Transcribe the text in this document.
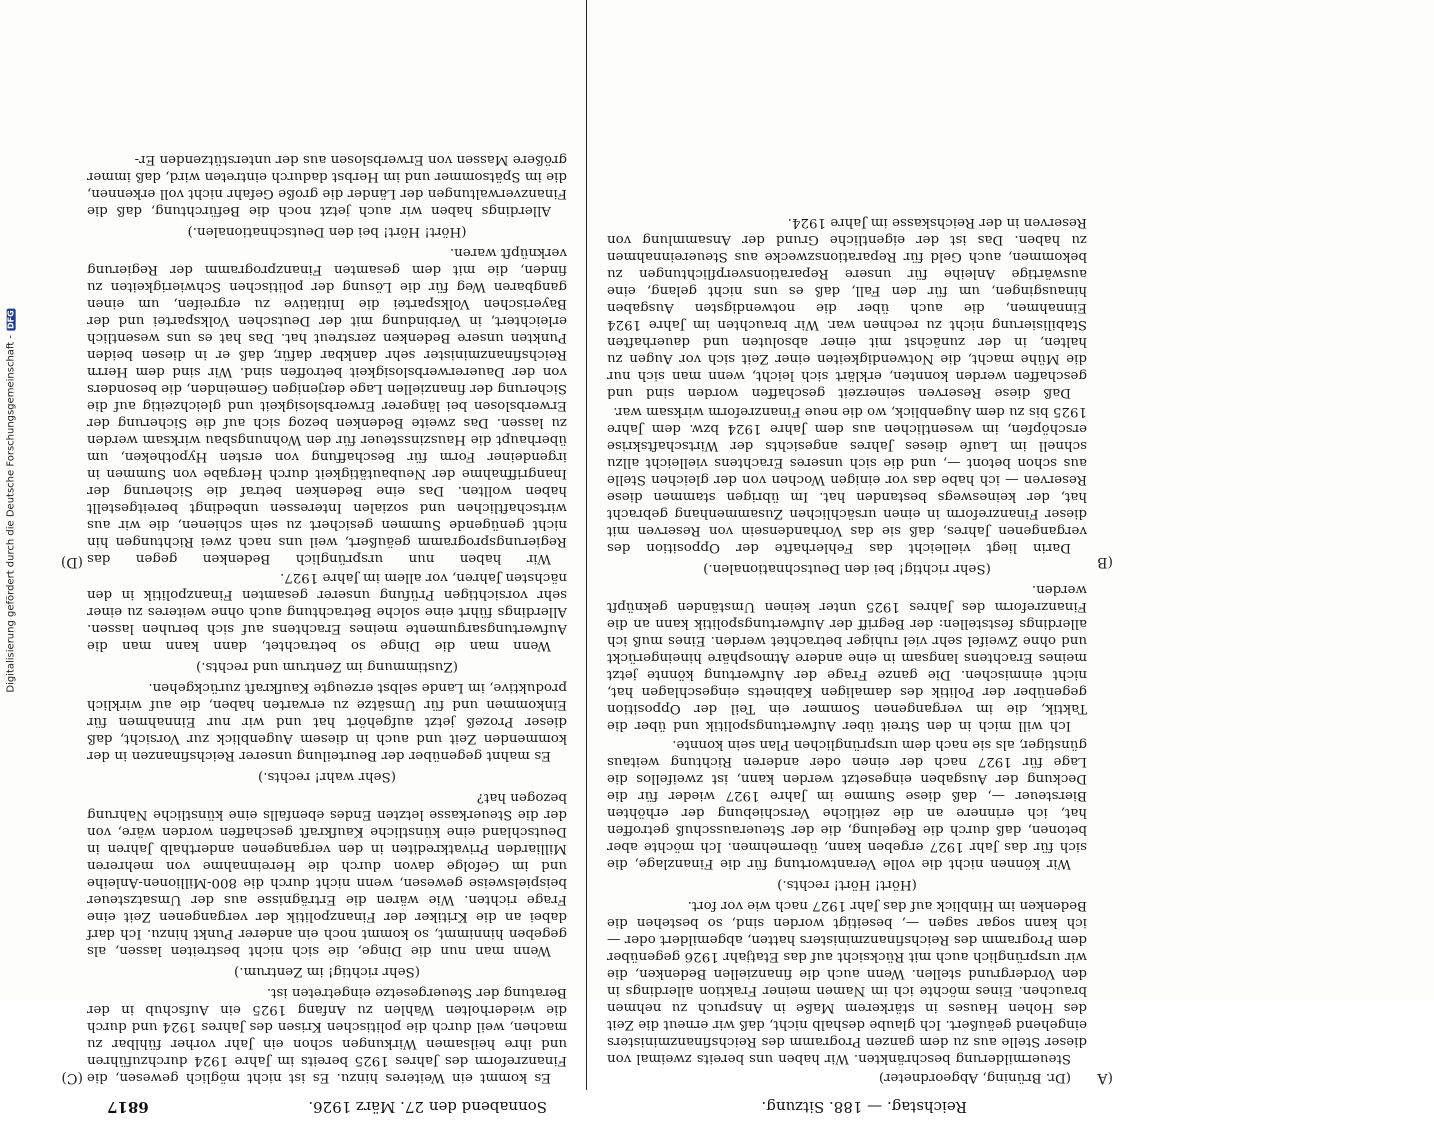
Digitalisierung gefördert durch die Deutsche Forschungsgemeinschaft -DFG
Reichstag. — 188. Sitzung.
Sonnabend den 27. März 1926.
6817
(A
(B
(C)
(D)

(Dr. Brüning, Abgeordneter)

Steuermilderung beschränkten. Wir haben uns bereits zweimal von dieser Stelle aus zu dem ganzen Programm des Reichsfinanzministers eingehend geäußert. Ich glaube deshalb nicht, daß wir erneut die Zeit des Hohen Hauses in stärkerem Maße in Anspruch zu nehmen brauchen. Eines möchte ich im Namen meiner Fraktion allerdings in den Vordergrund stellen. Wenn auch die finanziellen Bedenken, die wir ursprünglich auch mit Rücksicht auf das Etatjahr 1926 gegenüber dem Programm des Reichsfinanzministers hatten, abgemildert oder — ich kann sogar sagen —, beseitigt worden sind, so bestehen die Bedenken im Hinblick auf das Jahr 1927 nach wie vor fort.

(Hört! Hört! rechts.)

Wir können nicht die volle Verantwortung für die Finanzlage, die sich für das Jahr 1927 ergeben kann, übernehmen. Ich möchte aber betonen, daß durch die Regelung, die der Steuerausschuß getroffen hat, ich erinnere an die zeitliche Verschiebung der erhöhten Biersteuer —, daß diese Summe im Jahre 1927 wieder für die Deckung der Ausgaben eingesetzt werden kann, ist zweifellos die Lage für 1927 nach der einen oder anderen Richtung weitaus günstiger, als sie nach dem ursprünglichen Plan sein konnte.

Ich will mich in den Streit über Aufwertungspolitik und über die Taktik, die im vergangenen Sommer ein Teil der Opposition gegenüber der Politik des damaligen Kabinetts eingeschlagen hat, nicht einmischen. Die ganze Frage der Aufwertung könnte jetzt meines Erachtens langsam in eine andere Atmosphäre hineingerückt und ohne Zweifel sehr viel ruhiger betrachtet werden. Eines muß ich allerdings feststellen: der Begriff der Aufwertungspolitik kann an die Finanzreform des Jahres 1925 unter keinen Umständen geknüpft werden.

(Sehr richtig! bei den Deutschnationalen.)

Darin liegt vielleicht das Fehlerhafte der Opposition des vergangenen Jahres, daß sie das Vorhandensein von Reserven mit dieser Finanzreform in einen ursächlichen Zusammenhang gebracht hat, der keineswegs bestanden hat. Im übrigen stammen diese Reserven — ich habe das vor einigen Wochen von der gleichen Stelle aus schon betont —, und die sich unseres Erachtens vielleicht allzu schnell im Laufe dieses Jahres angesichts der Wirtschaftskrise erschöpfen, im wesentlichen aus dem Jahre 1924 bzw. dem Jahre 1925 bis zu dem Augenblick, wo die neue Finanzreform wirksam war.

Daß diese Reserven seinerzeit geschaffen worden sind und geschaffen werden konnten, erklärt sich leicht, wenn man sich nur die Mühe macht, die Notwendigkeiten einer Zeit sich vor Augen zu halten, in der zunächst mit einer absoluten und dauerhaften Stabilisierung nicht zu rechnen war. Wir brauchten im Jahre 1924 Einnahmen, die auch über die notwendigsten Ausgaben hinausgingen, um für den Fall, daß es uns nicht gelang, eine auswärtige Anleihe für unsere Reparationsverpflichtungen zu bekommen, auch Geld für Reparationszwecke aus Steuereinnahmen zu haben. Das ist der eigentliche Grund der Ansammlung von Reserven in der Reichskasse im Jahre 1924.

Es kommt ein Weiteres hinzu. Es ist nicht möglich gewesen, die Finanzreform des Jahres 1925 bereits im Jahre 1924 durchzuführen und ihre heilsamen Wirkungen schon ein Jahr vorher fühlbar zu machen, weil durch die politischen Krisen des Jahres 1924 und durch die wiederholten Wahlen zu Anfang 1925 ein Aufschub in der Beratung der Steuergesetze eingetreten ist.

(Sehr richtig! im Zentrum.)

Wenn man nun die Dinge, die sich nicht bestreiten lassen, als gegeben hinnimmt, so kommt noch ein anderer Punkt hinzu. Ich darf dabei an die Kritiker der Finanzpolitik der vergangenen Zeit eine Frage richten. Wie wären die Erträgnisse aus der Umsatzsteuer beispielsweise gewesen, wenn nicht durch die 800-Millionen-Anleihe und im Gefolge davon durch die Hereinnahme von mehreren Milliarden Privatkrediten in den vergangenen anderthalb Jahren in Deutschland eine künstliche Kaufkraft geschaffen worden wäre, von der die Steuerkasse letzten Endes ebenfalls eine künstliche Nahrung bezogen hat?

(Sehr wahr! rechts.)

Es mahnt gegenüber der Beurteilung unserer Reichsfinanzen in der kommenden Zeit und auch in diesem Augenblick zur Vorsicht, daß dieser Prozeß jetzt aufgehört hat und wir nur Einnahmen für Einkommen und für Umsätze zu erwarten haben, die auf wirklich produktive, im Lande selbst erzeugte Kaufkraft zurückgehen.

(Zustimmung im Zentrum und rechts.)

Wenn man die Dinge so betrachtet, dann kann man die Aufwertungsargumente meines Erachtens auf sich beruhen lassen. Allerdings führt eine solche Betrachtung auch ohne weiteres zu einer sehr vorsichtigen Prüfung unserer gesamten Finanzpolitik in den nächsten Jahren, vor allem im Jahre 1927.

Wir haben nun ursprünglich Bedenken gegen das Regierungsprogramm geäußert, weil uns nach zwei Richtungen hin nicht genügende Summen gesichert zu sein schienen, die wir aus wirtschaftlichen und sozialen Interessen unbedingt bereitgestellt haben wollten. Das eine Bedenken betraf die Sicherung der Inangriffnahme der Neubautätigkeit durch Hergabe von Summen in irgendeiner Form für Beschaffung von ersten Hypotheken, um überhaupt die Hauszinssteuer für den Wohnungsbau wirksam werden zu lassen. Das zweite Bedenken bezog sich auf die Sicherung der Erwerbslosen bei längerer Erwerbslosigkeit und gleichzeitig auf die Sicherung der finanziellen Lage derjenigen Gemeinden, die besonders von der Dauererwerbslosigkeit betroffen sind. Wir sind dem Herrn Reichsfinanzminister sehr dankbar dafür, daß er in diesen beiden Punkten unsere Bedenken zerstreut hat. Das hat es uns wesentlich erleichtert, in Verbindung mit der Deutschen Volkspartei und der Bayerischen Volkspartei die Initiative zu ergreifen, um einen gangbaren Weg für die Lösung der politischen Schwierigkeiten zu finden, die mit dem gesamten Finanzprogramm der Regierung verknüpft waren.

(Hört! Hört! bei den Deutschnationalen.)

Allerdings haben wir auch jetzt noch die Befürchtung, daß die Finanzverwaltungen der Länder die große Gefahr nicht voll erkennen, die im Spätsommer und im Herbst dadurch eintreten wird, daß immer größere Massen von Erwerbslosen aus der unterstützenden Er-
